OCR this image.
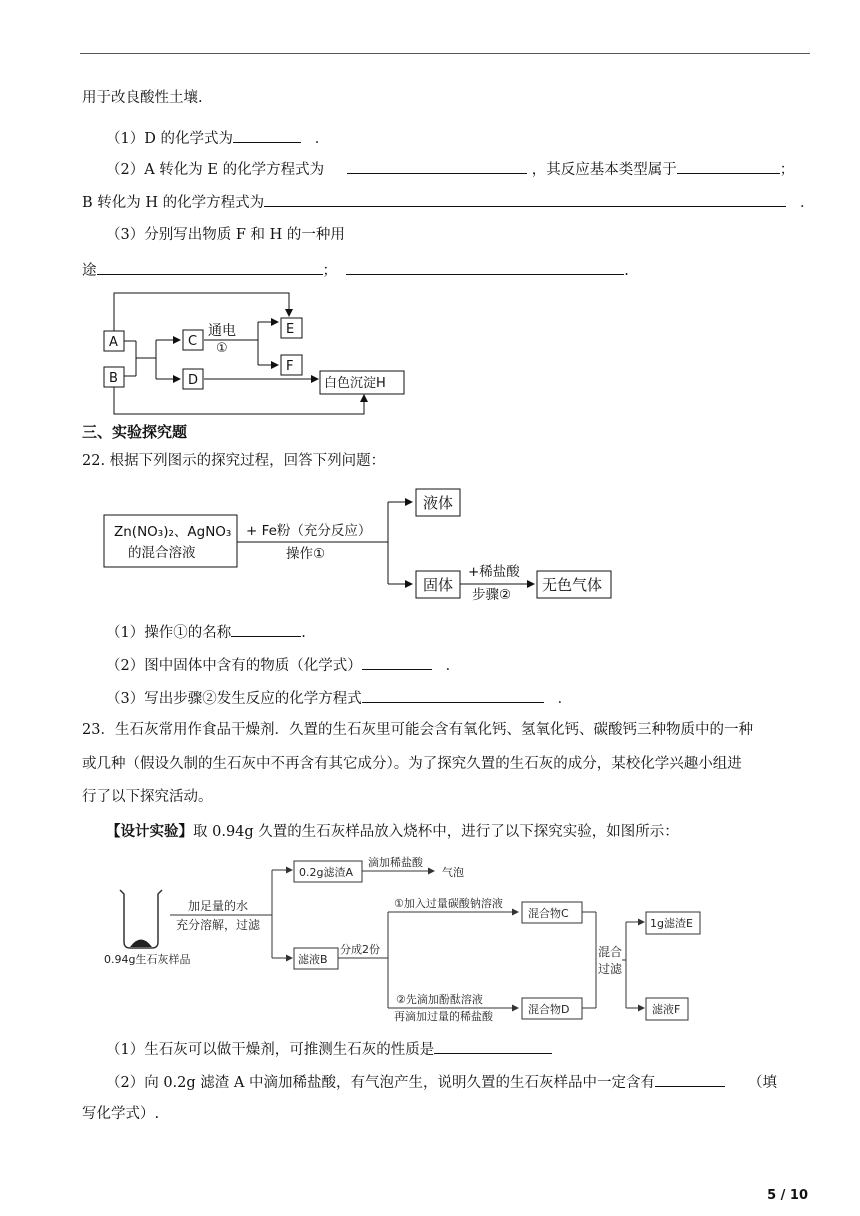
用于改良酸性土壤.
（1）D 的化学式为	．
（2）A 转化为 E 的化学方程式为	，其反应基本类型属于	；
B 转化为 H 的化学方程式为	．
（3）分别写出物质 F 和 H 的一种用
途	；	.
A
B
C
D
E
F
通电
①
白色沉淀H
三、实验探究题
22. 根据下列图示的探究过程，回答下列问题：
Zn(NO₃)₂、AgNO₃
的混合溶液
+ Fe粉（充分反应）
操作①
液体
固体
+稀盐酸
步骤②
无色气体
（1）操作①的名称	.
（2）图中固体中含有的物质（化学式）	．
（3）写出步骤②发生反应的化学方程式	．
23．生石灰常用作食品干燥剂．久置的生石灰里可能会含有氧化钙、氢氧化钙、碳酸钙三种物质中的一种
或几种（假设久制的生石灰中不再含有其它成分）。为了探究久置的生石灰的成分，某校化学兴趣小组进
行了以下探究活动。
【设计实验】取 0.94g 久置的生石灰样品放入烧杯中，进行了以下探究实验，如图所示：
0.94g生石灰样品
加足量的水
充分溶解，过滤
0.2g滤渣A
滴加稀盐酸
气泡
滤液B
分成2份
①加入过量碳酸钠溶液
混合物C
②先滴加酚酞溶液
再滴加过量的稀盐酸
混合物D
混合
过滤
1g滤渣E
滤液F
（1）生石灰可以做干燥剂，可推测生石灰的性质是
（2）向 0.2g 滤渣 A 中滴加稀盐酸，有气泡产生，说明久置的生石灰样品中一定含有	（填
写化学式）.
5 / 10
